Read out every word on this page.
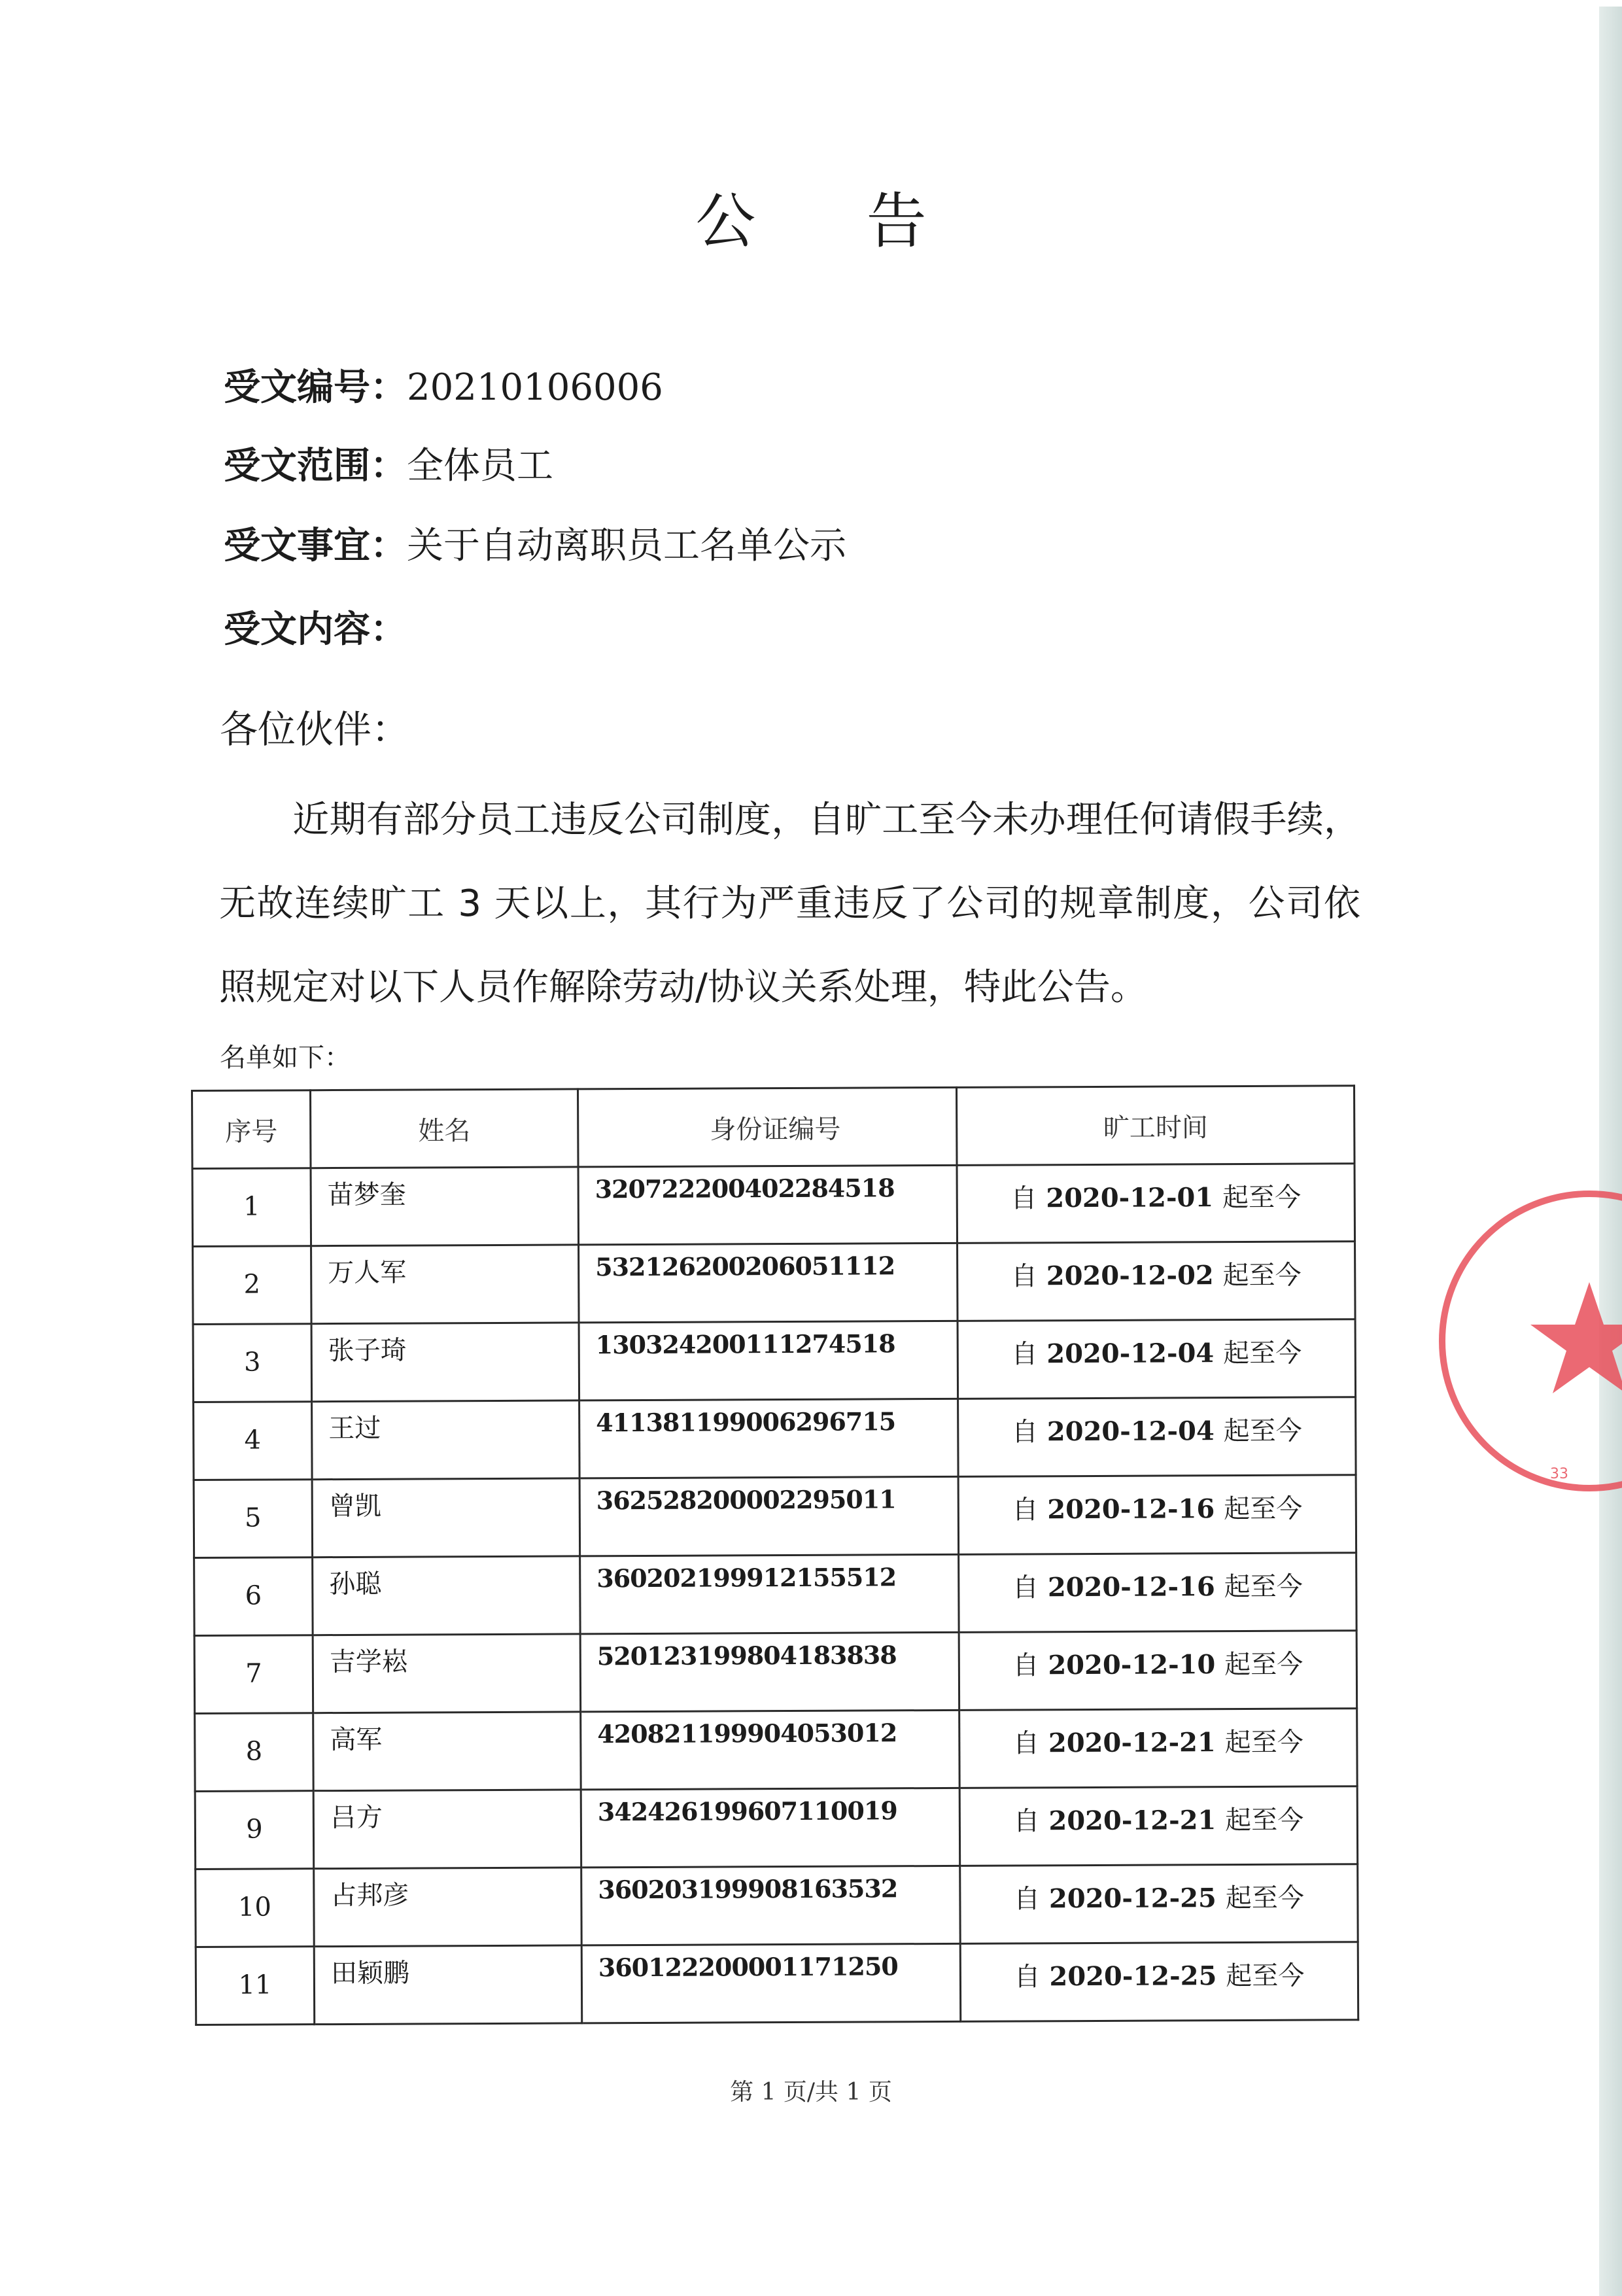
公 告
受文编号：20210106006
受文范围：全体员工
受文事宜：关于自动离职员工名单公示
受文内容：
各位伙伴：
近期有部分员工违反公司制度，自旷工至今未办理任何请假手续，无故连续旷工 3 天以上，其行为严重违反了公司的规章制度，公司依照规定对以下人员作解除劳动/协议关系处理，特此公告。
名单如下：
序号	姓名	身份证编号	旷工时间

1	苗梦奎	320722200402284518	自 2020-12-01 起至今

2	万人军	532126200206051112	自 2020-12-02 起至今

3	张子琦	130324200111274518	自 2020-12-04 起至今

4	王过	411381199006296715	自 2020-12-04 起至今

5	曾凯	362528200002295011	自 2020-12-16 起至今

6	孙聪	360202199912155512	自 2020-12-16 起至今

7	吉学崧	520123199804183838	自 2020-12-10 起至今

8	高军	420821199904053012	自 2020-12-21 起至今

9	吕方	342426199607110019	自 2020-12-21 起至今

10	占邦彦	360203199908163532	自 2020-12-25 起至今

11	田颖鹏	360122200001171250	自 2020-12-25 起至今
第 1 页/共 1 页
33
